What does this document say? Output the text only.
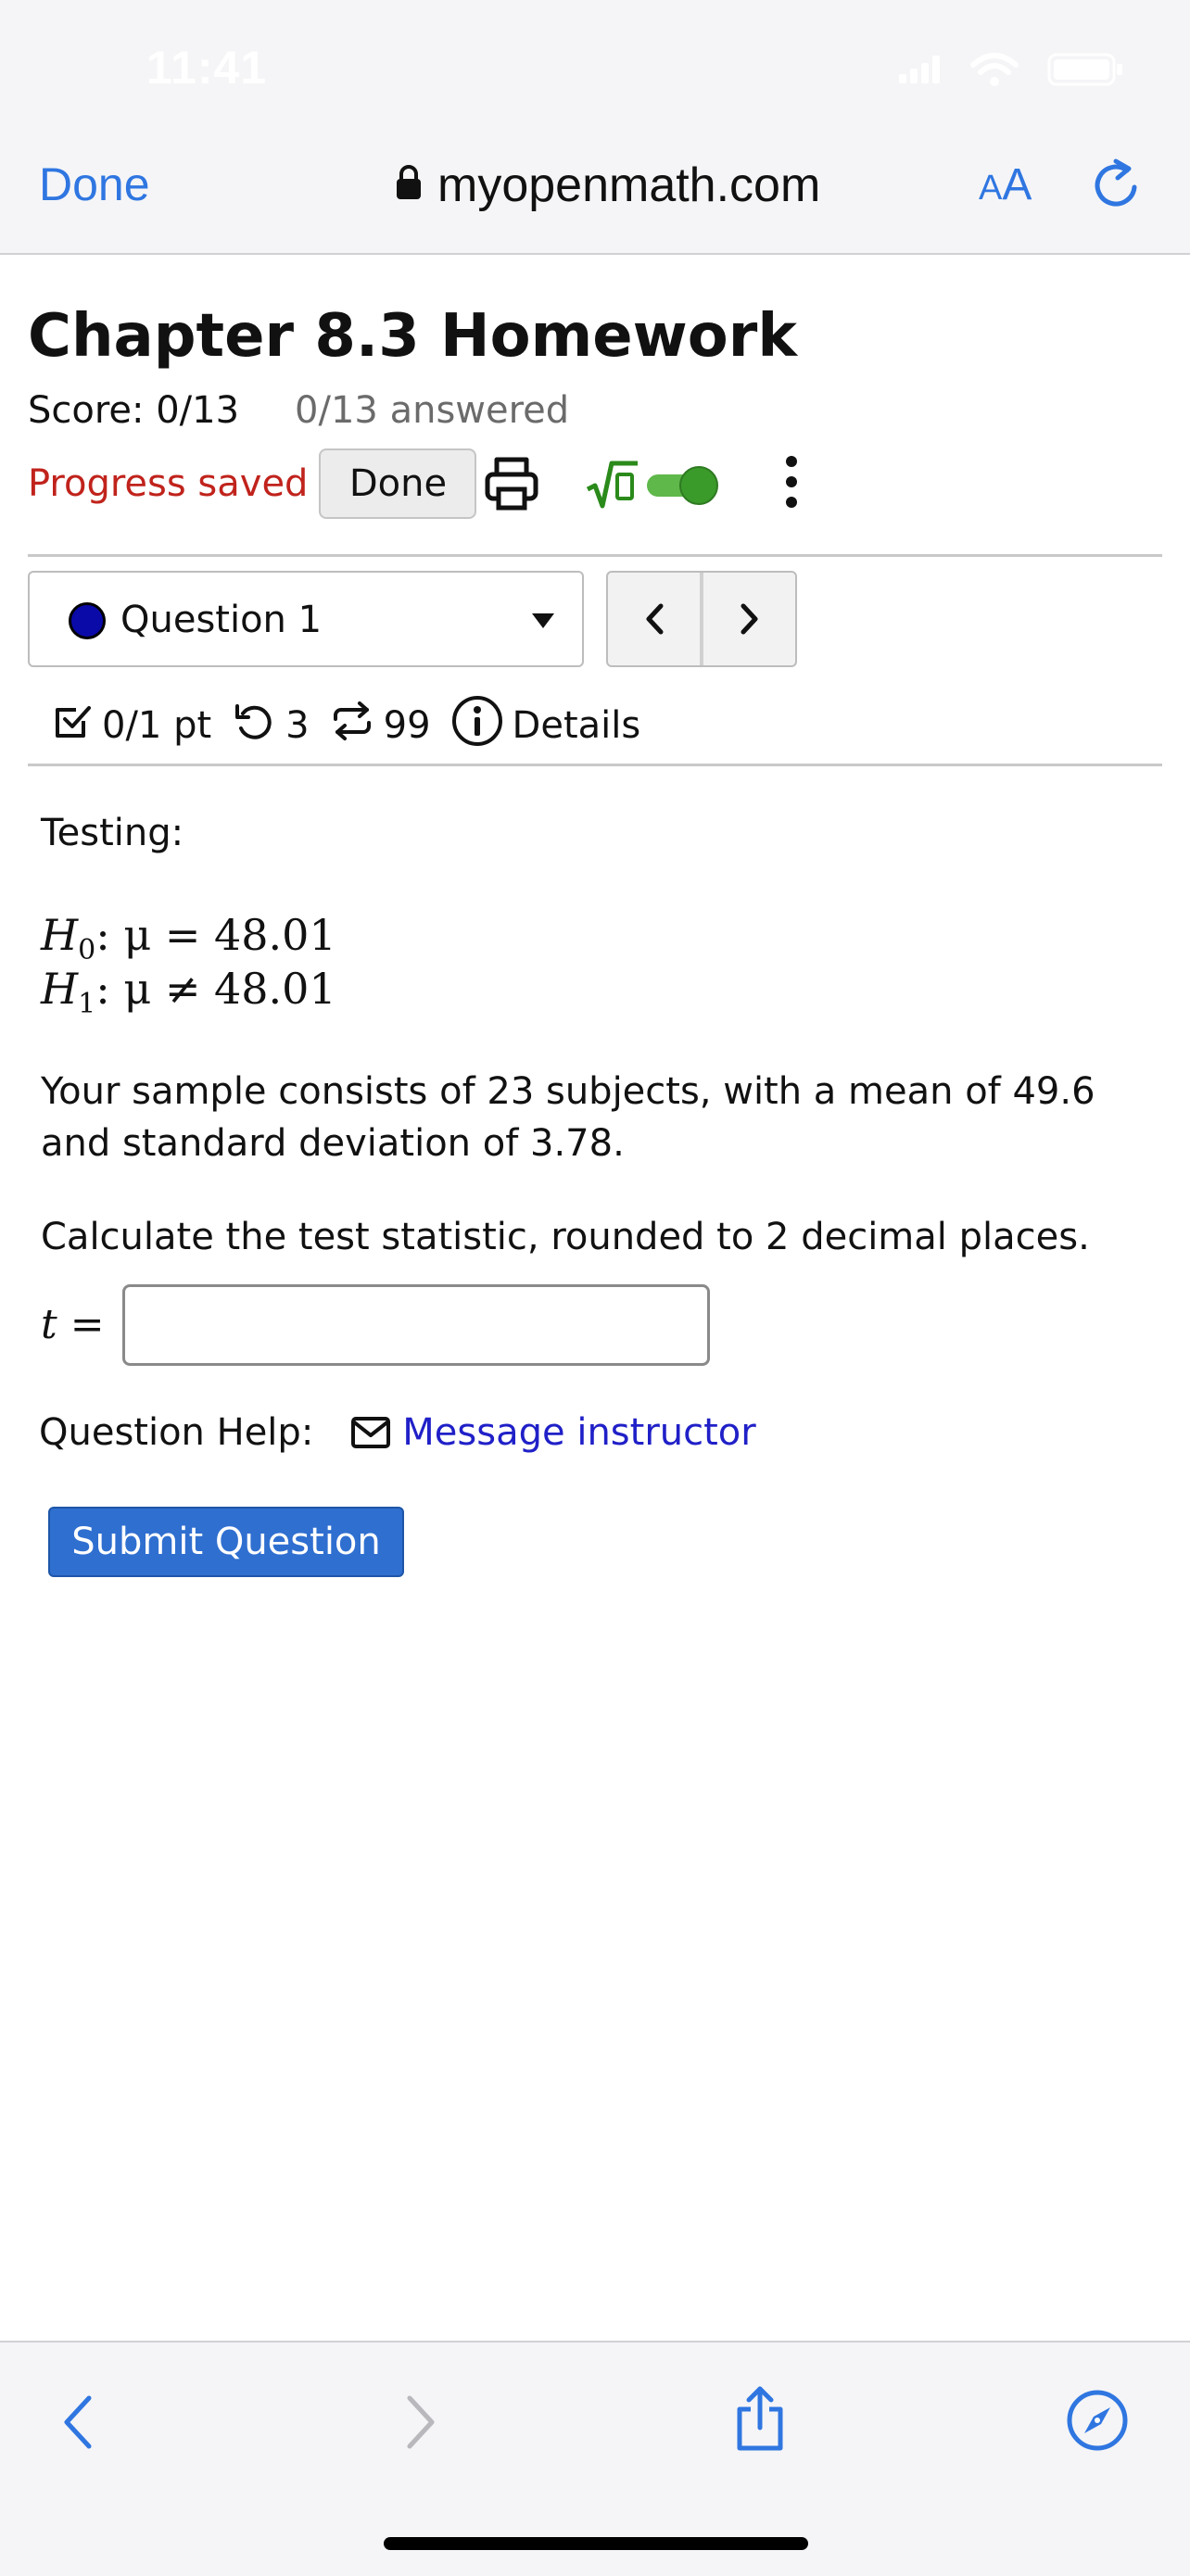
11:41
Done	myopenmath.com	AA
Chapter 8.3 Homework
Score: 0/13 0/13 answered
Progress saved	Done
Question 1
0/1 pt 3 99 Details
Testing:
$H_0$: μ = 48.01
$H_1$: μ ≠ 48.01
Your sample consists of 23 subjects, with a mean of 49.6 and standard deviation of 3.78.
Calculate the test statistic, rounded to 2 decimal places.
t =
Question Help: Message instructor
Submit Question
